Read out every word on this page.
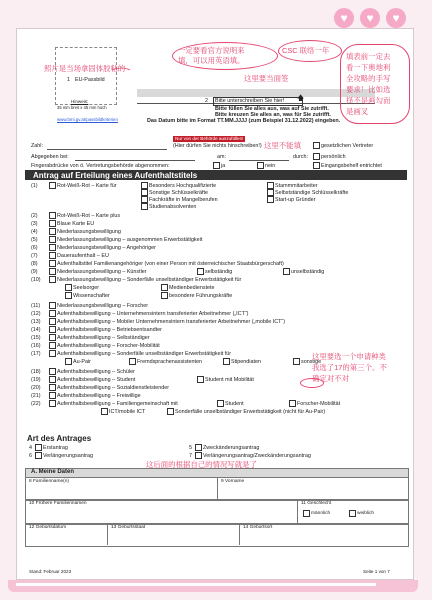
♥	♥	♥
1 EU-Passbild
Hinweis:
35 mm breit x 45 mm hoch
www.bmi.gv.at/passbildkriterien
2 Bitte unterschreiben Sie hier! 🡅
Bitte füllen Sie alles aus, was auf Sie zutrifft.
Bitte kreuzen Sie alles an, was für Sie zutrifft.
Das Datum bitte im Format TT.MM.JJJJ (zum Beispiel 31.12.2022) eingeben.
Nur von der Behörde auszufüllen!
Zahl:	(Hier dürfen Sie nichts hinschreiben!)	gesetzlichen Vertreter
Abgegeben bei:	am:	durch: persönlich
Fingerabdrücke von ö. Vertretungsbehörde abgenommen:	ja	nein	Eingangsbehelf entrichtet
Antrag auf Erteilung eines Aufenthaltstitels
(1)	Rot-Weiß-Rot – Karte für	Besonders Hochqualifizierte
Sonstige Schlüsselkräfte
Fachkräfte in Mangelberufen
Studienabsolventen
Stammmitarbeiter
Selbstständige Schlüsselkräfte
Start-up Gründer
(2)	Rot-Weiß-Rot – Karte plus
(3)	Blaue Karte EU
(4)	Niederlassungsbewilligung
(5)	Niederlassungsbewilligung – ausgenommen Erwerbstätigkeit
(6)	Niederlassungsbewilligung – Angehöriger
(7)	Daueraufenthalt – EU
(8)	Aufenthaltstitel Familienangehöriger (von einer Person mit österreichischer Staatsbürgerschaft)
(9)	Niederlassungsbewilligung – Künstler	selbständig	unselbständig
(10)	Niederlassungsbewilligung – Sonderfälle unselbständiger Erwerbstätigkeit für
Seelsorger
Wissenschafter
Medienbedienstete
besondere Führungskräfte
(11)	Niederlassungsbewilligung – Forscher
(12)	Aufenthaltsbewilligung – Unternehmensintern transferierter Arbeitnehmer („ICT“)
(13)	Aufenthaltsbewilligung – Mobiler Unternehmensintern transferierter Arbeitnehmer („mobile ICT“)
(14)	Aufenthaltsbewilligung – Betriebsentsandter
(15)	Aufenthaltsbewilligung – Selbständiger
(16)	Aufenthaltsbewilligung – Forscher-Mobilität
(17)	Aufenthaltsbewilligung – Sonderfälle unselbständiger Erwerbstätigkeit für
Au-Pair	Fremdsprachenassistenten	Stipendiaten	sonstige
(18)	Aufenthaltsbewilligung – Schüler
(19)	Aufenthaltsbewilligung – Student	Student mit Mobilität
(20)	Aufenthaltsbewilligung – Sozialdienstleistender
(21)	Aufenthaltsbewilligung – Freiwillige
(22)	Aufenthaltsbewilligung – Familiengemeinschaft mit	Student	Forscher-Mobilität
ICT/mobile ICT	Sonderfälle unselbständiger Erwerbstätigkeit (nicht für Au-Pair)
Art des Antrages
4 Erstantrag	5 Zweckänderungsantrag
6 Verlängerungsantrag	7 Verlängerungsantrag/Zweckänderungsantrag
A. Meine Daten
8 Familienname(n)	9 Vorname
10 Frühere Familiennamen	11 Geschlecht
männlich	weiblich
12 Geburtsdatum	13 Geburtsstaat	14 Geburtsort
Stand: Februar 2023	Seite 1 von 7
照片是当场拿固体胶粘的
一定要看官方说明来
填，可以用英语填。
这里要当面签
CSC 联络一年
填表前一定去
看一下奥地利
全攻略的手写
要求！比如选
择不是画勾而
是画叉
这里不能填
这里要选一个申请种类
我选了17的第三个。不
确定对不对
这后面的根据自己的情况写就是了
